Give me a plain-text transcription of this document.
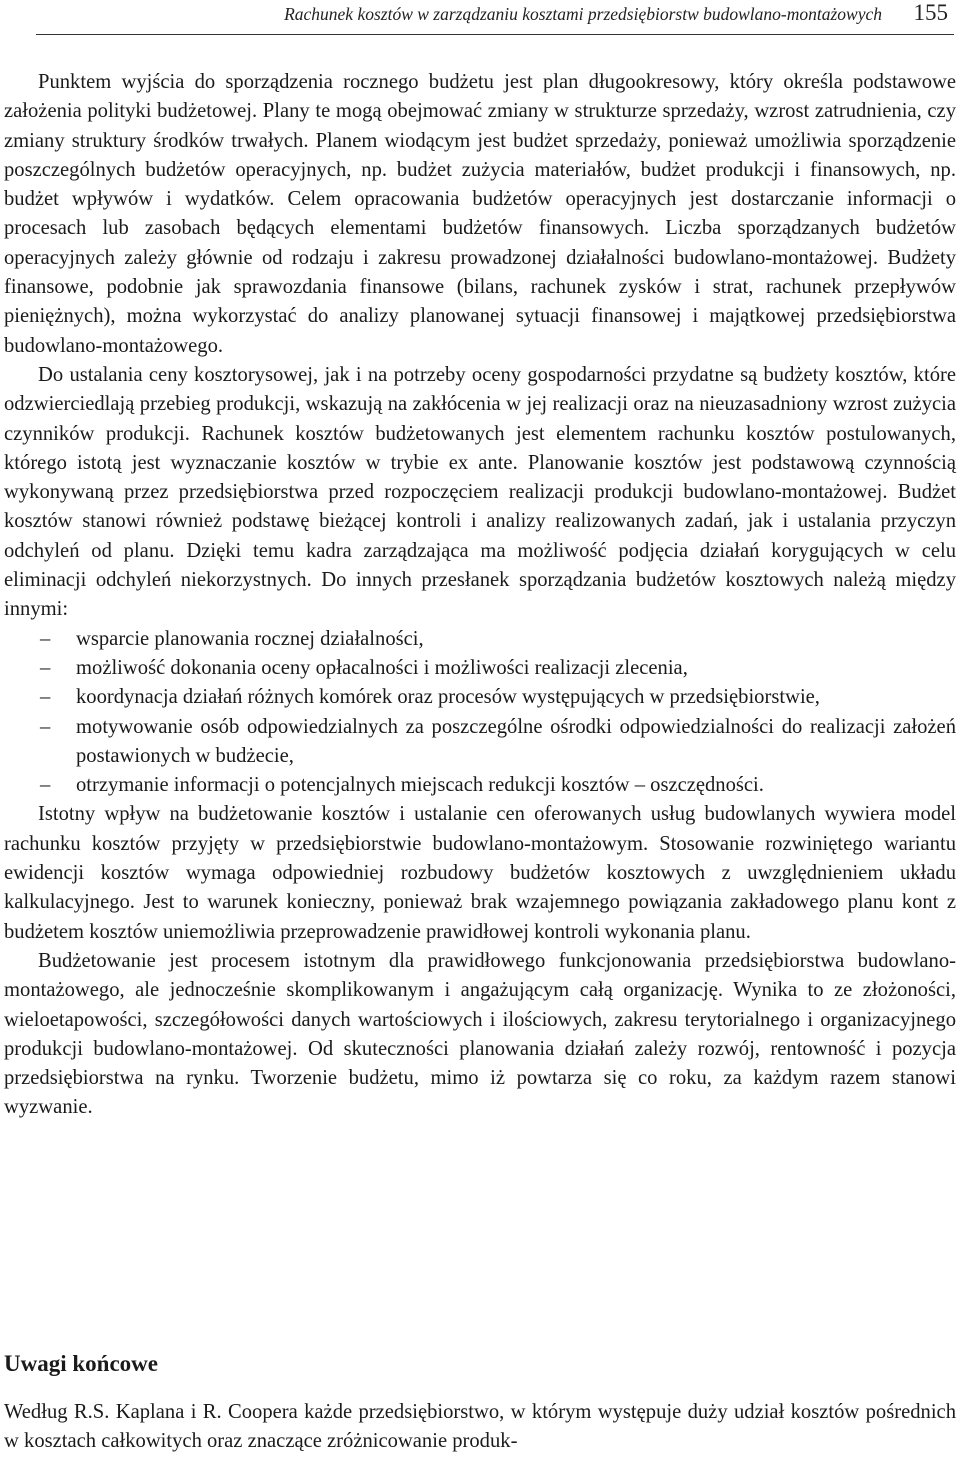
Rachunek kosztów w zarządzaniu kosztami przedsiębiorstw budowlano-montażowych 155

Punktem wyjścia do sporządzenia rocznego budżetu jest plan długookresowy, który określa podstawowe założenia polityki budżetowej. Plany te mogą obejmować zmiany w strukturze sprzedaży, wzrost zatrudnienia, czy zmiany struktury środków trwałych. Planem wiodącym jest budżet sprzedaży, ponieważ umożliwia sporządzenie poszczególnych budżetów operacyjnych, np. budżet zużycia materiałów, budżet produkcji i finansowych, np. budżet wpływów i wydatków. Celem opracowania budżetów operacyjnych jest dostarczanie informacji o procesach lub zasobach będących elementami budżetów finansowych. Liczba sporządzanych budżetów operacyjnych zależy głównie od rodzaju i zakresu prowadzonej działalności budowlano-montażowej. Budżety finansowe, podobnie jak sprawozdania finansowe (bilans, rachunek zysków i strat, rachunek przepływów pieniężnych), można wykorzystać do analizy planowanej sytuacji finansowej i majątkowej przedsiębiorstwa budowlano-montażowego.

Do ustalania ceny kosztorysowej, jak i na potrzeby oceny gospodarności przydatne są budżety kosztów, które odzwierciedlają przebieg produkcji, wskazują na zakłócenia w jej realizacji oraz na nieuzasadniony wzrost zużycia czynników produkcji. Rachunek kosztów budżetowanych jest elementem rachunku kosztów postulowanych, którego istotą jest wyznaczanie kosztów w trybie ex ante. Planowanie kosztów jest podstawową czynnością wykonywaną przez przedsiębiorstwa przed rozpoczęciem realizacji produkcji budowlano-montażowej. Budżet kosztów stanowi również podstawę bieżącej kontroli i analizy realizowanych zadań, jak i ustalania przyczyn odchyleń od planu. Dzięki temu kadra zarządzająca ma możliwość podjęcia działań korygujących w celu eliminacji odchyleń niekorzystnych. Do innych przesłanek sporządzania budżetów kosztowych należą między innymi:

–	wsparcie planowania rocznej działalności,
–	możliwość dokonania oceny opłacalności i możliwości realizacji zlecenia,
–	koordynacja działań różnych komórek oraz procesów występujących w przedsiębiorstwie,
–	motywowanie osób odpowiedzialnych za poszczególne ośrodki odpowiedzialności do realizacji założeń postawionych w budżecie,
–	otrzymanie informacji o potencjalnych miejscach redukcji kosztów – oszczędności.

Istotny wpływ na budżetowanie kosztów i ustalanie cen oferowanych usług budowlanych wywiera model rachunku kosztów przyjęty w przedsiębiorstwie budowlano-montażowym. Stosowanie rozwiniętego wariantu ewidencji kosztów wymaga odpowiedniej rozbudowy budżetów kosztowych z uwzględnieniem układu kalkulacyjnego. Jest to warunek konieczny, ponieważ brak wzajemnego powiązania zakładowego planu kont z budżetem kosztów uniemożliwia przeprowadzenie prawidłowej kontroli wykonania planu.

Budżetowanie jest procesem istotnym dla prawidłowego funkcjonowania przedsiębiorstwa budowlano-montażowego, ale jednocześnie skomplikowanym i angażującym całą organizację. Wynika to ze złożoności, wieloetapowości, szczegółowości danych wartościowych i ilościowych, zakresu terytorialnego i organizacyjnego produkcji budowlano-montażowej. Od skuteczności planowania działań zależy rozwój, rentowność i pozycja przedsiębiorstwa na rynku. Tworzenie budżetu, mimo iż powtarza się co roku, za każdym razem stanowi wyzwanie.

Uwagi końcowe

Według R.S. Kaplana i R. Coopera każde przedsiębiorstwo, w którym występuje duży udział kosztów pośrednich w kosztach całkowitych oraz znaczące zróżnicowanie produk-
